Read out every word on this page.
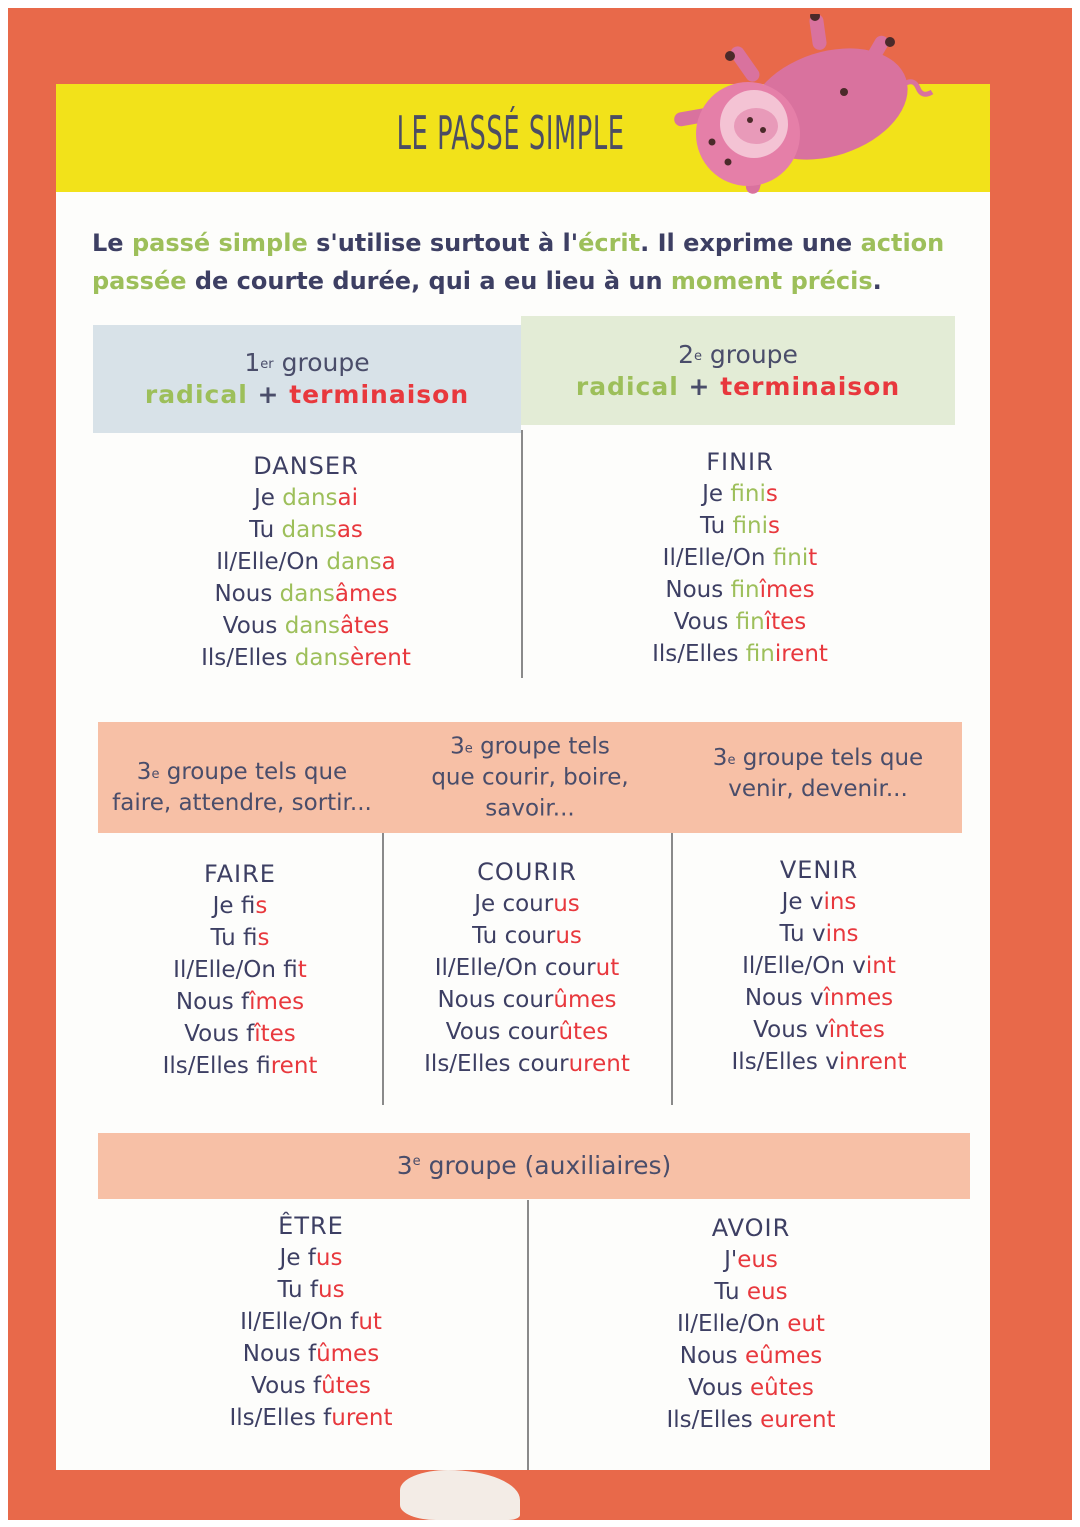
LE PASSÉ SIMPLE
Le passé simple s'utilise surtout à l'écrit. Il exprime une action passée de courte durée, qui a eu lieu à un moment précis.
1er groupe
radical + terminaison
2e groupe
radical + terminaison
DANSER
Je dansai
Tu dansas
Il/Elle/On dansa
Nous dansâmes
Vous dansâtes
Ils/Elles dansèrent
FINIR
Je finis
Tu finis
Il/Elle/On finit
Nous finîmes
Vous finîtes
Ils/Elles finirent
3e groupe tels que
faire, attendre, sortir...
3e groupe tels
que courir, boire,
savoir...
3e groupe tels que
venir, devenir...
FAIRE
Je fis
Tu fis
Il/Elle/On fit
Nous fîmes
Vous fîtes
Ils/Elles firent
COURIR
Je courus
Tu courus
Il/Elle/On courut
Nous courûmes
Vous courûtes
Ils/Elles coururent
VENIR
Je vins
Tu vins
Il/Elle/On vint
Nous vînmes
Vous vîntes
Ils/Elles vinrent
3e groupe (auxiliaires)
ÊTRE
Je fus
Tu fus
Il/Elle/On fut
Nous fûmes
Vous fûtes
Ils/Elles furent
AVOIR
J'eus
Tu eus
Il/Elle/On eut
Nous eûmes
Vous eûtes
Ils/Elles eurent
